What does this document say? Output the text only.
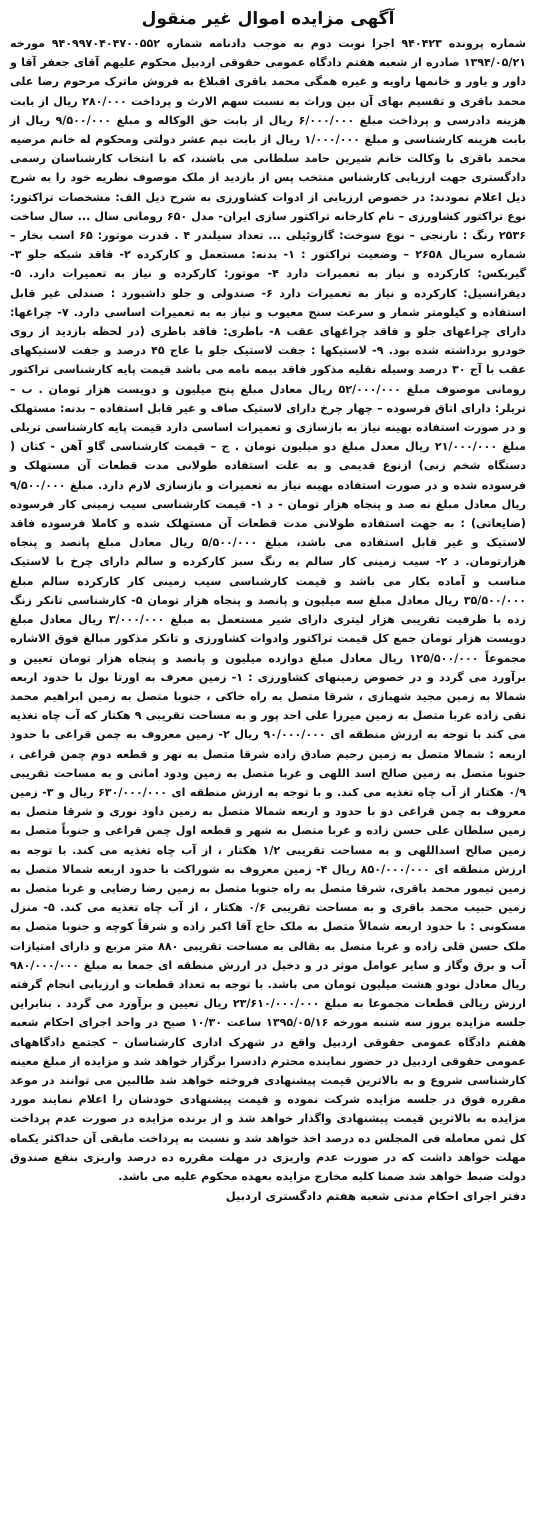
آگهی مزایده اموال غیر منقول

شماره پرونده ۹۴۰۴۲۳ اجرا نوبت دوم به موجب دادنامه شماره ۹۴۰۹۹۷۰۴۰۴۷۰۰۵۵۲ مورخه ۱۳۹۴/۰۵/۲۱ صادره از شعبه هفتم دادگاه عمومی حقوقی اردبیل محکوم علیهم آقای جعفر آقا و داور و یاور و خانمها راویه و غیره همگی محمد باقری اقبلاغ به فروش ماترک مرحوم رضا علی محمد باقری و تقسیم بهای آن بین وراث به نسبت سهم الارث و پرداخت ۲۸۰/۰۰۰ ریال از بابت هزینه دادرسی و پرداخت مبلغ ۶/۰۰۰/۰۰۰ ریال از بابت حق الوکاله و مبلغ ۹/۵۰۰/۰۰۰ ریال از بابت هزینه کارشناسی و مبلغ ۱/۰۰۰/۰۰۰ ریال از بابت نیم عشر دولتی ومحکوم له خانم مرضیه محمد باقری با وکالت خانم شیرین حامد سلطانی می باشند، که با انتخاب کارشناسان رسمی دادگستری جهت ارزیابی کارشناس منتخب پس از بازدید از ملک موصوف نظریه خود را به شرح ذیل اعلام نمودند: در خصوص ارزیابی از ادوات کشاورزی به شرح ذیل الف: مشخصات تراکتور: نوع تراکتور کشاورزی – نام کارخانه تراکتور سازی ایران- مدل ۶۵۰ رومانی سال ... سال ساخت ۲۵۳۶ رنگ : نارنجی – نوع سوخت: گازوئیلی ... تعداد سیلندر ۴ . قدرت موتور: ۶۵ اسب بخار – شماره سریال ۲۶۵۸ – وضعیت تراکتور : ۱- بدنه: مستعمل و کارکرده ۲- فاقد شبکه جلو ۳- گیربکس: کارکرده و نیاز به تعمیرات دارد ۴- موتور: کارکرده و نیاز به تعمیرات دارد. ۵- دیفرانسیل: کارکرده و نیاز به تعمیرات دارد ۶- صندولی و جلو داشبورد : صندلی غیر قابل استفاده و کیلومتر شمار و سرعت سنج معیوب و نیاز به به تعمیرات اساسی دارد. ۷- چراغها: دارای چراغهای جلو و فاقد چراغهای عقب ۸- باطری: فاقد باطری (در لحظه بازدید از روی خودرو برداشته شده بود. ۹- لاستیکها : جفت لاستیک جلو با عاج ۴۵ درصد و جفت لاستیکهای عقب با آج ۳۰ درصد وسیله نقلیه مذکور فاقد بیمه نامه می باشد قیمت پایه کارشناسی تراکتور رومانی موصوف مبلغ ۵۲/۰۰۰/۰۰۰ ریال معادل مبلغ پنج میلیون و دویست هزار تومان . ب – تریلر: دارای اتاق فرسوده – چهار چرخ دارای لاستیک صاف و غیر قابل استفاده – بدنه: مستهلک و در صورت استفاده بهینه نیاز به بازسازی و تعمیرات اساسی دارد قیمت پایه کارشناسی تریلی مبلغ ۲۱/۰۰۰/۰۰۰ ریال معدل مبلغ دو میلیون تومان . ج – قیمت کارشناسی گاو آهن - کتان ( دستگاه شخم زنی) ازنوع قدیمی و به علت استفاده طولانی مدت قطعات آن مستهلک و فرسوده شده و در صورت استفاده بهینه نیاز به تعمیرات و بازسازی لازم دارد. مبلغ ۹/۵۰۰/۰۰۰ ریال معادل مبلغ نه صد و پنجاه هزار تومان - د ۱- قیمت کارشناسی سیب زمینی کار فرسوده (ضایعاتی) : به جهت استفاده طولانی مدت قطعات آن مستهلک شده و کاملا فرسوده فاقد لاستیک و غیر قابل استفاده می باشد، مبلغ ۵/۵۰۰/۰۰۰ ریال معادل مبلغ پانصد و پنجاه هزارتومان. د ۲- سیب زمینی کار سالم به رنگ سبز کارکرده و سالم دارای چرخ با لاستیک مناسب و آماده بکار می باشد و قیمت کارشناسی سیب زمینی کار کارکرده سالم مبلغ ۳۵/۵۰۰/۰۰۰ ریال معادل مبلغ سه میلیون و پانصد و پنجاه هزار تومان ۵- کارشناسی تانکر زنگ زده با ظرفیت تقریبی هزار لیتری دارای شیر مستعمل به مبلغ ۳/۰۰۰/۰۰۰ ریال معادل مبلغ دویست هزار تومان جمع کل قیمت تراکتور وادوات کشاورزی و تانکر مذکور مبالغ فوق الاشاره مجموعاً ۱۲۵/۵۰۰/۰۰۰ ریال معادل مبلغ دوازده میلیون و پانصد و پنجاه هزار تومان تعیین و برآورد می گردد و در خصوص زمینهای کشاورزی : ۱- زمین معرف به اورتا بول با حدود اربعه شمالا به زمین مجید شهبازی ، شرقا متصل به راه خاکی ، جنوبا متصل به زمین ابراهیم محمد تقی زاده غربا متصل به زمین میرزا علی احد پور و به مساحت تقریبی ۹ هکتار که آب چاه تغذیه می کند با توجه به ارزش منطقه ای ۹۰/۰۰۰/۰۰۰ ریال ۲- زمین معروف به چمن قراغی با حدود اربعه : شمالا متصل به زمین رحیم صادق زاده شرقا متصل به نهر و قطعه دوم چمن قراغی ، جنوبا متصل به زمین صالح اسد اللهی و غربا متصل به زمین ودود امانی و به مساحت تقریبی ۰/۹ هکتار از آب چاه تغذیه می کند. و با توجه به ارزش منطقه ای ۶۳۰/۰۰۰/۰۰۰ ریال و ۳- زمین معروف به چمن قراغی دو با حدود و اربعه شمالا متصل به زمین داود نوری و شرقا متصل به زمین سلطان علی حسن زاده و غربا متصل به شهر و قطعه اول چمن قراغی و جنوباً متصل به زمین صالح اسداللهی و به مساحت تقریبی ۱/۲ هکتار ، از آب چاه تغذیه می کند. با توجه به ارزش منطقه ای ۸۵۰/۰۰۰/۰۰۰ ریال ۴- زمین معروف به شوراکت با حدود اربعه شمالا متصل به زمین تیمور محمد باقری، شرقا متصل به راه جنوبا متصل به زمین رضا رضایی و غربا متصل به زمین حبیب محمد باقری و به مساحت تقریبی ۰/۶ هکتار ، از آب چاه تغذیه می کند. ۵- منزل مسکونی : با حدود اربعه شمالاً متصل به ملک حاج آقا اکبر زاده و شرقاً کوچه و جنوبا متصل به ملک حسن قلی زاده و غربا متصل به بقالی به مساحت تقریبی ۸۸۰ متر مربع و دارای امتیازات آب و برق وگاز و سایر عوامل موثر در و دخیل در ارزش منطقه ای جمعا به مبلغ ۹۸۰/۰۰۰/۰۰۰ ریال معادل نودو هشت میلیون تومان می باشد. با توجه به تعداد قطعات و ارزیابی انجام گرفته ارزش ریالی قطعات مجموعا به مبلغ ۲۳/۶۱۰/۰۰۰/۰۰۰ ریال تعیین و برآورد می گردد . بنابراین جلسه مزایده بروز سه شنبه مورخه ۱۳۹۵/۰۵/۱۶ ساعت ۱۰/۳۰ صبح در واحد اجرای احکام شعبه هفتم دادگاه عمومی حقوقی اردبیل واقع در شهرک اداری کارشناسان – کجتمع دادگاههای عمومی حقوقی اردبیل در حضور نماینده محترم دادسرا برگزار خواهد شد و مزایده از مبلغ معینه کارشناسی شروع و به بالاترین قیمت پیشنهادی فروخته خواهد شد طالبین می توانند در موعد مقرره فوق در جلسه مزایده شرکت نموده و قیمت پیشنهادی خودشان را اعلام نمایند مورد مزایده به بالاترین قیمت پیشنهادی واگذار خواهد شد و از برنده مزایده در صورت عدم پرداخت کل ثمن معامله فی المجلس ده درصد اخذ خواهد شد و نسبت به پرداخت مابقی آن حداکثر یکماه مهلت خواهد داشت که در صورت عدم واریزی در مهلت مقرره ده درصد واریزی بنفع صندوق دولت ضبط خواهد شد ضمنا کلیه مخارج مزایده بعهده محکوم علیه می باشد.

دفتر اجرای احکام مدنی شعبه هفتم دادگستری اردبیل
